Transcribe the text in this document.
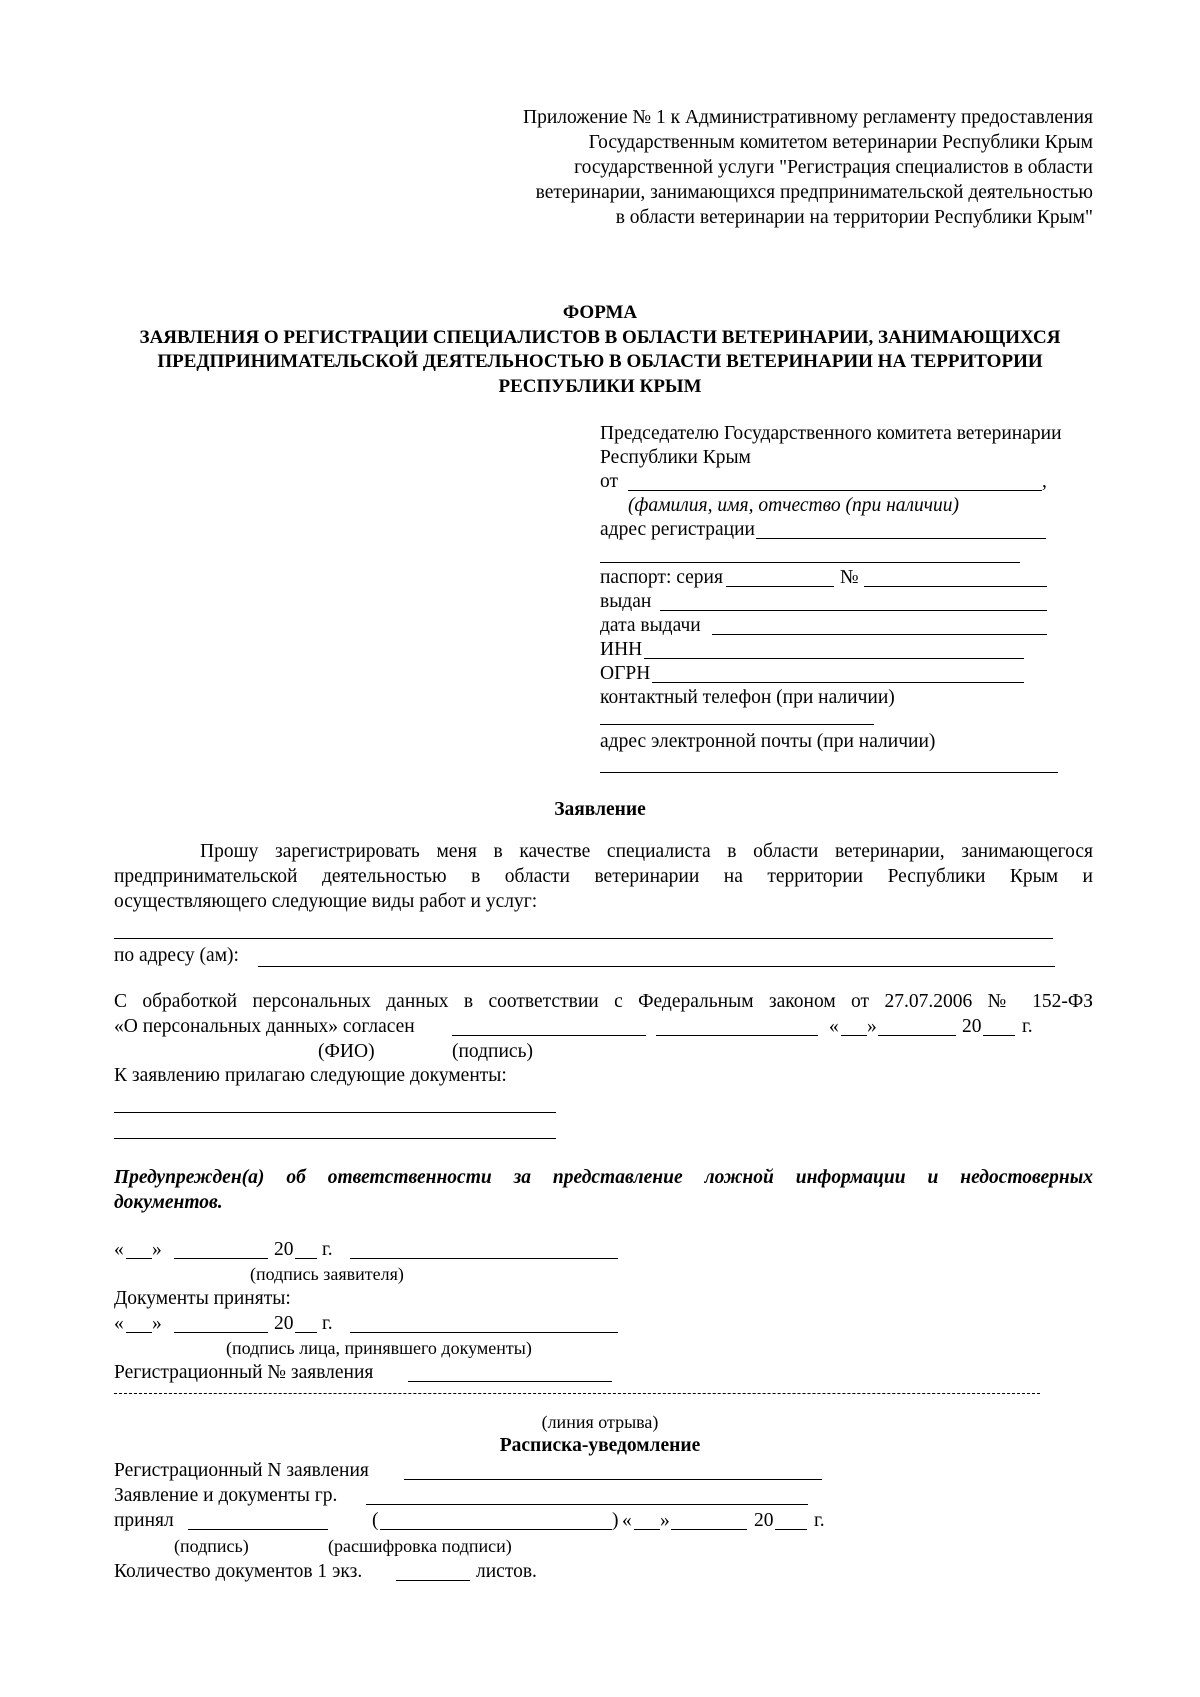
Приложение № 1 к Административному регламенту предоставления
Государственным комитетом ветеринарии Республики Крым
государственной услуги "Регистрация специалистов в области
ветеринарии, занимающихся предпринимательской деятельностью
в области ветеринарии на территории Республики Крым"
ФОРМА
ЗАЯВЛЕНИЯ О РЕГИСТРАЦИИ СПЕЦИАЛИСТОВ В ОБЛАСТИ ВЕТЕРИНАРИИ, ЗАНИМАЮЩИХСЯ
ПРЕДПРИНИМАТЕЛЬСКОЙ ДЕЯТЕЛЬНОСТЬЮ В ОБЛАСТИ ВЕТЕРИНАРИИ НА ТЕРРИТОРИИ
РЕСПУБЛИКИ КРЫМ
Председателю Государственного комитета ветеринарии
Республики Крым
от	,
(фамилия, имя, отчество (при наличии)
адрес регистрации
паспорт: серия	№
выдан
дата выдачи
ИНН
ОГРН
контактный телефон (при наличии)
адрес электронной почты (при наличии)
Заявление
Прошу зарегистрировать меня в качестве специалиста в области ветеринарии, занимающегося
предпринимательской деятельностью в области ветеринарии на территории Республики Крым и
осуществляющего следующие виды работ и услуг:
по адресу (ам):
С обработкой персональных данных в соответствии с Федеральным законом от 27.07.2006 № 152-ФЗ
«О персональных данных» согласен	« »	20 г.
(ФИО)	(подпись)
К заявлению прилагаю следующие документы:
Предупрежден(а) об ответственности за представление ложной информации и недостоверных
документов.
« »	20 г.
(подпись заявителя)
Документы приняты:
« »	20 г.
(подпись лица, принявшего документы)
Регистрационный № заявления
(линия отрыва)
Расписка-уведомление
Регистрационный N заявления
Заявление и документы гр.
принял	(	) « »	20 г.
(подпись)	(расшифровка подписи)
Количество документов 1 экз.	листов.
